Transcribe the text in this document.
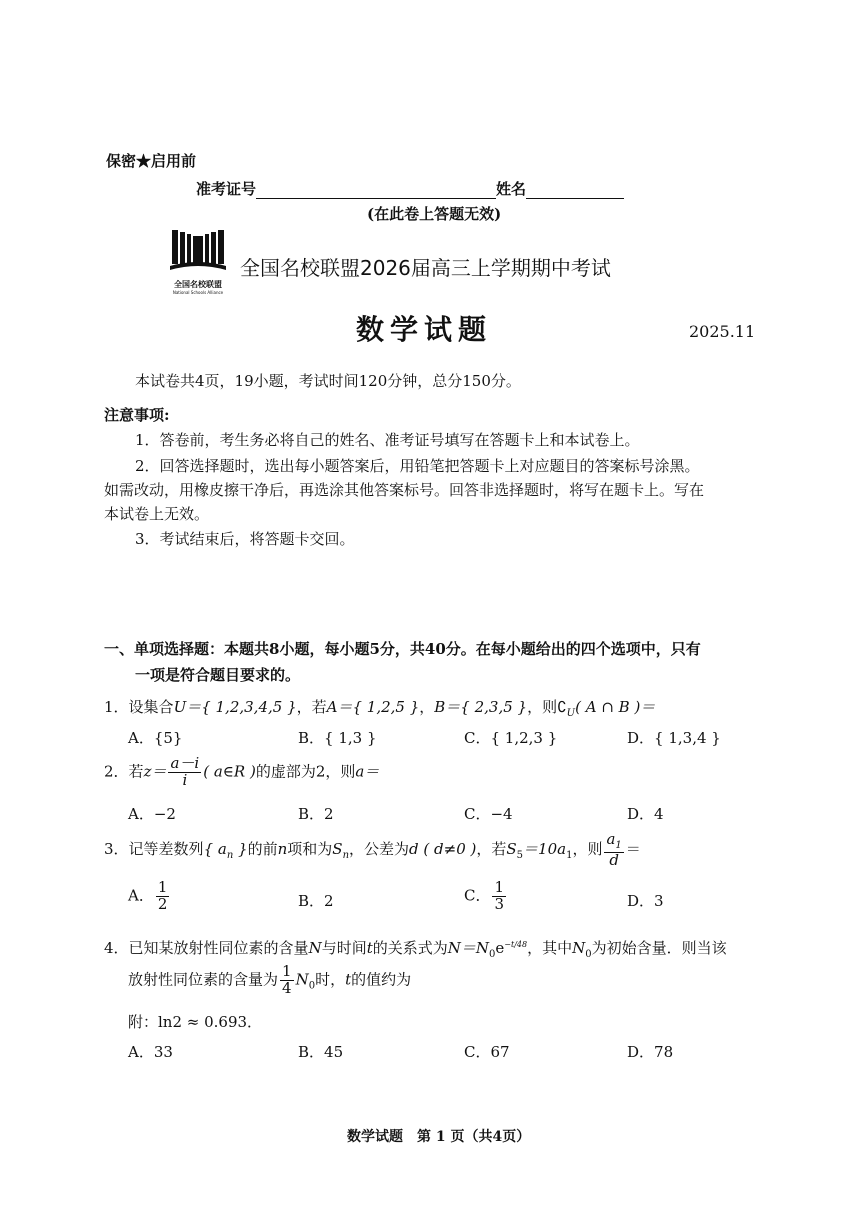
保密★启用前
准考证号	姓名
(在此卷上答题无效)
全国名校联盟
National Schools Alliance
全国名校联盟2026届高三上学期期中考试
数学试题	2025.11
本试卷共4页，19小题，考试时间120分钟，总分150分。
注意事项:
1．答卷前，考生务必将自己的姓名、准考证号填写在答题卡上和本试卷上。
2．回答选择题时，选出每小题答案后，用铅笔把答题卡上对应题目的答案标号涂黑。
如需改动，用橡皮擦干净后，再选涂其他答案标号。回答非选择题时，将写在题卡上。写在
本试卷上无效。
3．考试结束后，将答题卡交回。
一、单项选择题：本题共8小题，每小题5分，共40分。在每小题给出的四个选项中，只有
一项是符合题目要求的。
1．设集合U＝{ 1,2,3,4,5 }，若A＝{ 1,2,5 }，B＝{ 2,3,5 }，则$∁_U$( A ∩ B )＝
A．{5}	B．{ 1,3 }	C．{ 1,2,3 }	D．{ 1,3,4 }
2．若$z= \frac{a-i}{i}$ ( a∈R )的虚部为2，则a＝
A．−2	B．2	C．−4	D．4
3．记等差数列{ $a_n$ }的前n项和为$S_n$，公差为d ( d≠0 )，若$S_5=10a_1$，则 $\frac{a_1}{d}$ ＝
A． $\frac{1}{2}$	B．2	C． $\frac{1}{3}$	D．3
4．已知某放射性同位素的含量N与时间t的关系式为$N=N_0e^{-t/48}$，其中$N_0$为初始含量．则当该
放射性同位素的含量为 $\frac{1}{4} N_0$时，t的值约为
附：ln2 ≈ 0.693．
A．33	B．45	C．67	D．78
数学试题　第 1 页（共4页）
